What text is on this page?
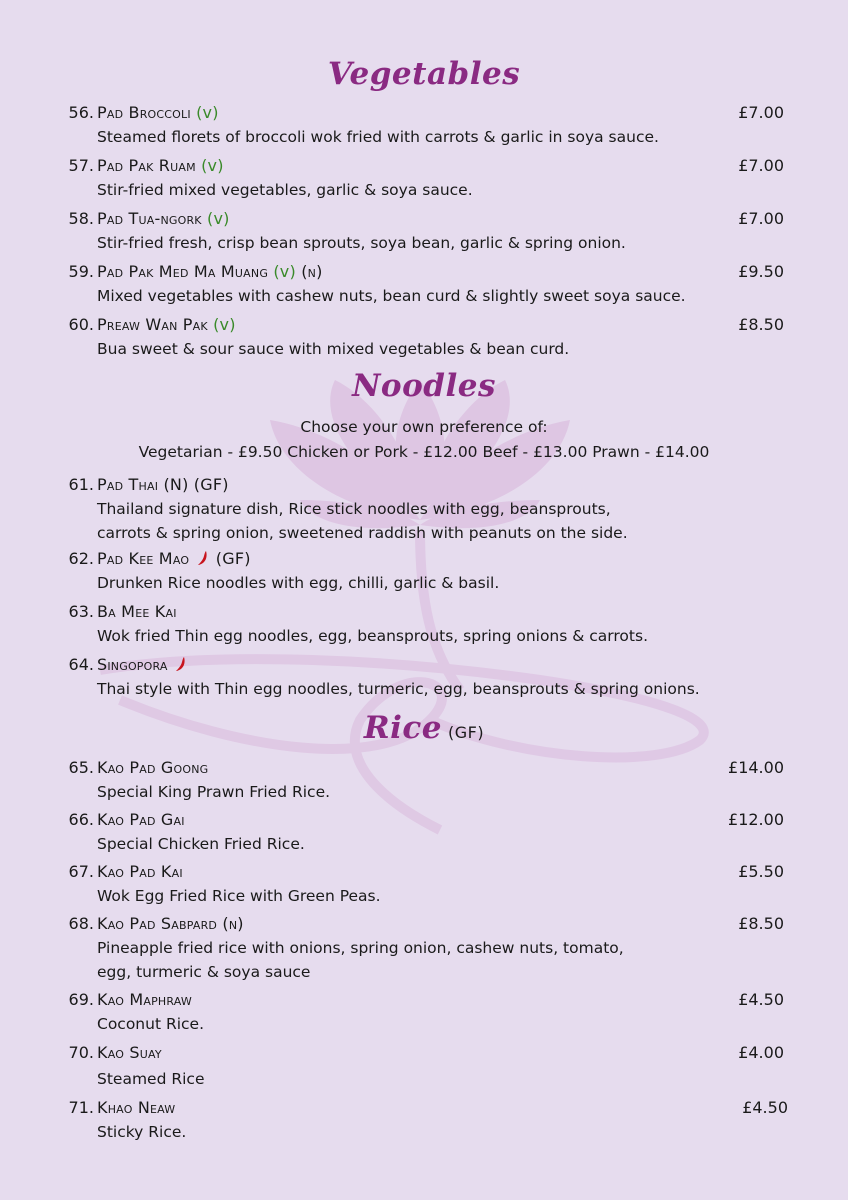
Vegetables
56. Pad Broccoli (v)	£7.00
Steamed florets of broccoli wok fried with carrots & garlic in soya sauce.
57. Pad Pak Ruam (v)	£7.00
Stir-fried mixed vegetables, garlic & soya sauce.
58. Pad Tua-ngork (v)	£7.00
Stir-fried fresh, crisp bean sprouts, soya bean, garlic & spring onion.
59. Pad Pak Med Ma Muang (v) (n)	£9.50
Mixed vegetables with cashew nuts, bean curd & slightly sweet soya sauce.
60. Preaw Wan Pak (v)	£8.50
Bua sweet & sour sauce with mixed vegetables & bean curd.
Noodles
Choose your own preference of:
Vegetarian - £9.50 Chicken or Pork - £12.00 Beef - £13.00 Prawn - £14.00
61. Pad Thai (N) (GF)
Thailand signature dish, Rice stick noodles with egg, beansprouts,
carrots & spring onion, sweetened raddish with peanuts on the side.
62. Pad Kee Mao (GF)
Drunken Rice noodles with egg, chilli, garlic & basil.
63. Ba Mee Kai
Wok fried Thin egg noodles, egg, beansprouts, spring onions & carrots.
64. Singopora
Thai style with Thin egg noodles, turmeric, egg, beansprouts & spring onions.
Rice (GF)
65. Kao Pad Goong	£14.00
Special King Prawn Fried Rice.
66. Kao Pad Gai	£12.00
Special Chicken Fried Rice.
67. Kao Pad Kai	£5.50
Wok Egg Fried Rice with Green Peas.
68. Kao Pad Sabpard (n)	£8.50
Pineapple fried rice with onions, spring onion, cashew nuts, tomato,
egg, turmeric & soya sauce
69. Kao Maphraw	£4.50
Coconut Rice.
70. Kao Suay	£4.00
Steamed Rice
71. Khao Neaw	£4.50
Sticky Rice.
